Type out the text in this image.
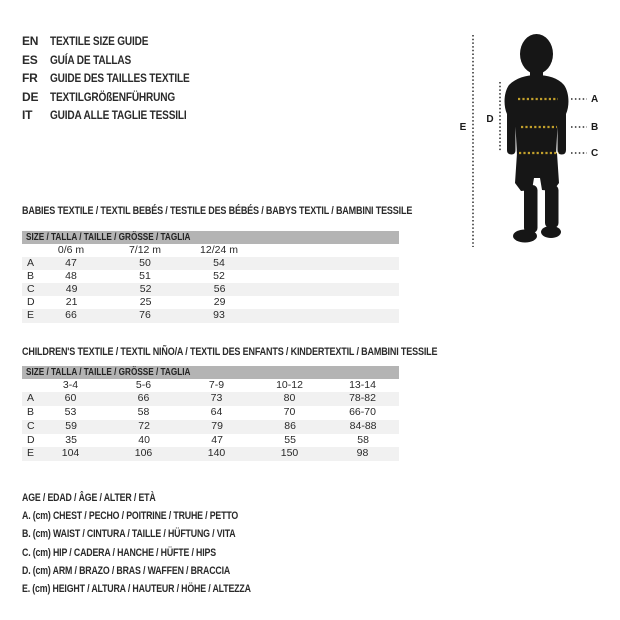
EN TEXTILE SIZE GUIDE
ES	GUÍA DE TALLAS
FR	GUIDE DES TAILLES TEXTILE
DE TEXTILGRÖßENFÜHRUNG
IT	GUIDA ALLE TAGLIE TESSILI
E
D
A
B
C
BABIES TEXTILE / TEXTIL BEBÉS / TESTILE DES BÉBÉS / BABYS TEXTIL / BAMBINI TESSILE
SIZE / TALLA / TAILLE / GRÖSSE / TAGLIA
0/6 m	7/12 m	12/24 m
A	47	50	54
B	48	51	52
C	49	52	56
D	21	25	29
E	66	76	93
CHILDREN'S TEXTILE / TEXTIL NIÑO/A / TEXTIL DES ENFANTS / KINDERTEXTIL / BAMBINI TESSILE
SIZE / TALLA / TAILLE / GRÖSSE / TAGLIA
3-4	5-6	7-9	10-12	13-14
A	60	66	73	80	78-82
B	53	58	64	70	66-70
C	59	72	79	86	84-88
D	35	40	47	55	58
E	104	106	140	150	98
AGE / EDAD / ÂGE / ALTER / ETÀ
A. (cm) CHEST / PECHO / POITRINE / TRUHE / PETTO
B. (cm) WAIST / CINTURA / TAILLE / HÜFTUNG / VITA
C. (cm) HIP / CADERA / HANCHE / HÜFTE / HIPS
D. (cm) ARM / BRAZO / BRAS / WAFFEN / BRACCIA
E. (cm) HEIGHT / ALTURA / HAUTEUR / HÖHE / ALTEZZA
